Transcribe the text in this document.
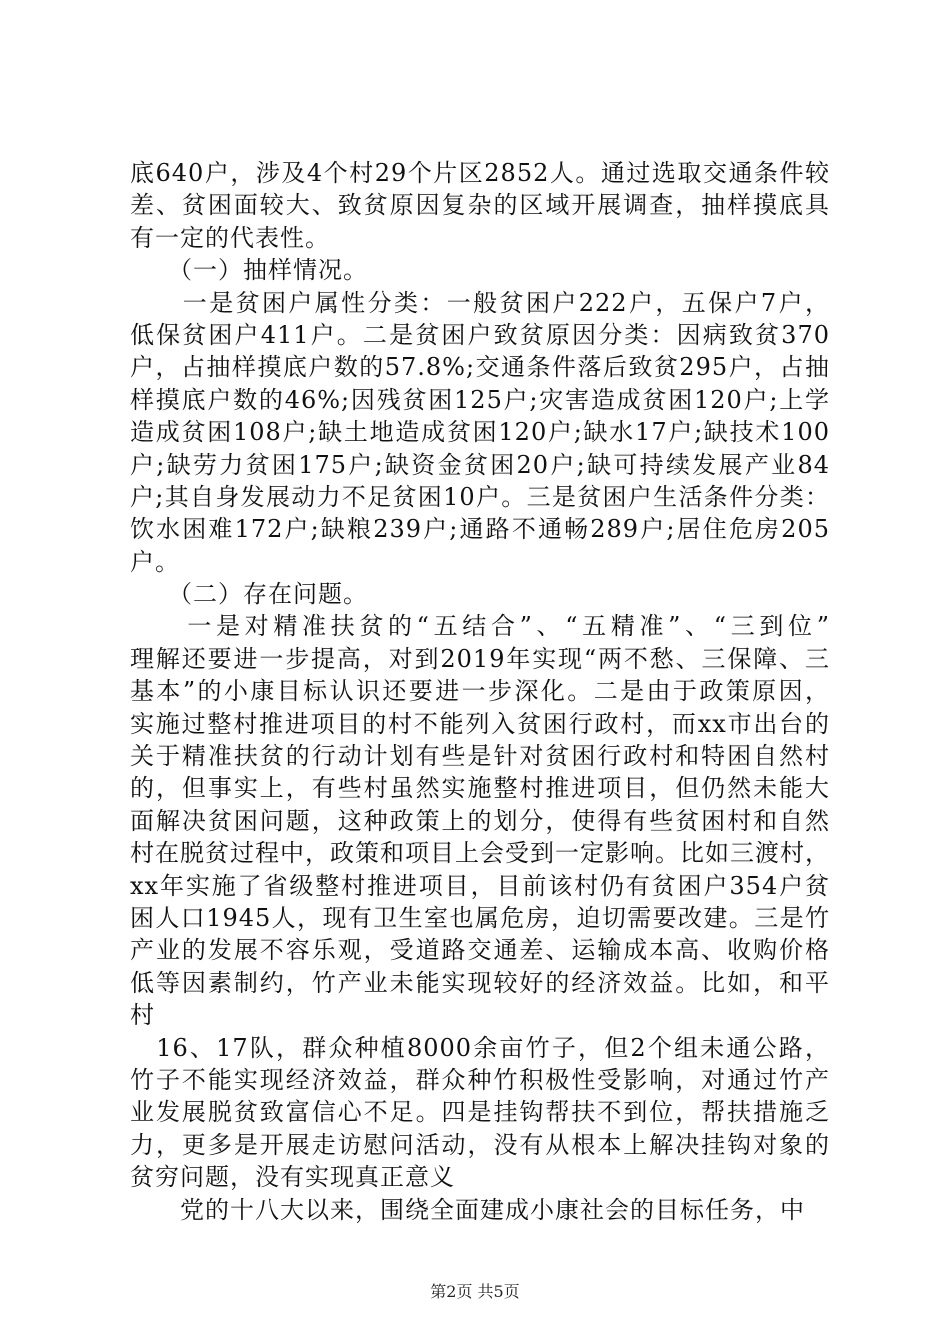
底640户，涉及4个村29个片区2852人。通过选取交通条件较
差、贫困面较大、致贫原因复杂的区域开展调查，抽样摸底具
有一定的代表性。
　　（一）抽样情况。
　　一是贫困户属性分类：一般贫困户222户，五保户7户，
低保贫困户411户。二是贫困户致贫原因分类：因病致贫370
户，占抽样摸底户数的57.8%;交通条件落后致贫295户，占抽
样摸底户数的46%;因残贫困125户;灾害造成贫困120户;上学
造成贫困108户;缺土地造成贫困120户;缺水17户;缺技术100
户;缺劳力贫困175户;缺资金贫困20户;缺可持续发展产业84
户;其自身发展动力不足贫困10户。三是贫困户生活条件分类：
饮水困难172户;缺粮239户;通路不通畅289户;居住危房205
户。
　　（二）存在问题。
　　一是对精准扶贫的“五结合”、“五精准”、“三到位”
理解还要进一步提高，对到2019年实现“两不愁、三保障、三
基本”的小康目标认识还要进一步深化。二是由于政策原因，
实施过整村推进项目的村不能列入贫困行政村，而xx市出台的
关于精准扶贫的行动计划有些是针对贫困行政村和特困自然村
的，但事实上，有些村虽然实施整村推进项目，但仍然未能大
面解决贫困问题，这种政策上的划分，使得有些贫困村和自然
村在脱贫过程中，政策和项目上会受到一定影响。比如三渡村，
xx年实施了省级整村推进项目，目前该村仍有贫困户354户贫
困人口1945人，现有卫生室也属危房，迫切需要改建。三是竹
产业的发展不容乐观，受道路交通差、运输成本高、收购价格
低等因素制约，竹产业未能实现较好的经济效益。比如，和平
村
　16、17队，群众种植8000余亩竹子，但2个组未通公路，
竹子不能实现经济效益，群众种竹积极性受影响，对通过竹产
业发展脱贫致富信心不足。四是挂钩帮扶不到位，帮扶措施乏
力，更多是开展走访慰问活动，没有从根本上解决挂钩对象的
贫穷问题，没有实现真正意义
　　党的十八大以来，围绕全面建成小康社会的目标任务，中
第2页 共5页
